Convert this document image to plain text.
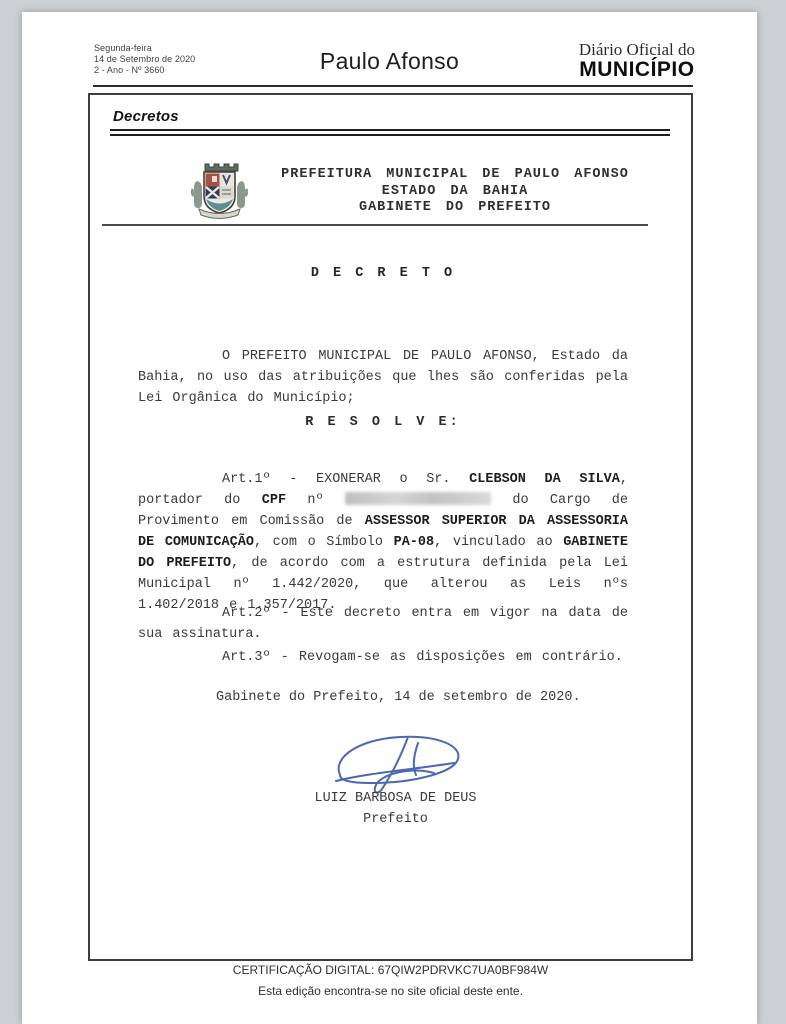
Segunda-feira
14 de Setembro de 2020
2 - Ano - Nº 3660	Paulo Afonso	Diário Oficial do
MUNICÍPIO
Decretos
PREFEITURA MUNICIPAL DE PAULO AFONSO
ESTADO DA BAHIA
GABINETE DO PREFEITO
D E C R E T O

O PREFEITO MUNICIPAL DE PAULO AFONSO, Estado da Bahia, no uso das atribuições que lhes são conferidas pela Lei Orgânica do Município;

R E S O L V E:

Art.1º - EXONERAR o Sr. CLEBSON DA SILVA, portador do CPF nº	do Cargo de Provimento em Comissão de ASSESSOR SUPERIOR DA ASSESSORIA DE COMUNICAÇÃO, com o Símbolo PA-08, vinculado ao GABINETE DO PREFEITO, de acordo com a estrutura definida pela Lei Municipal nº 1.442/2020, que alterou as Leis nºs 1.402/2018 e 1.357/2017.

Art.2º - Este decreto entra em vigor na data de sua assinatura.

Art.3º - Revogam-se as disposições em contrário.

Gabinete do Prefeito, 14 de setembro de 2020.
LUIZ BARBOSA DE DEUS
Prefeito
CERTIFICAÇÃO DIGITAL: 67QIW2PDRVKC7UA0BF984W
Esta edição encontra-se no site oficial deste ente.
